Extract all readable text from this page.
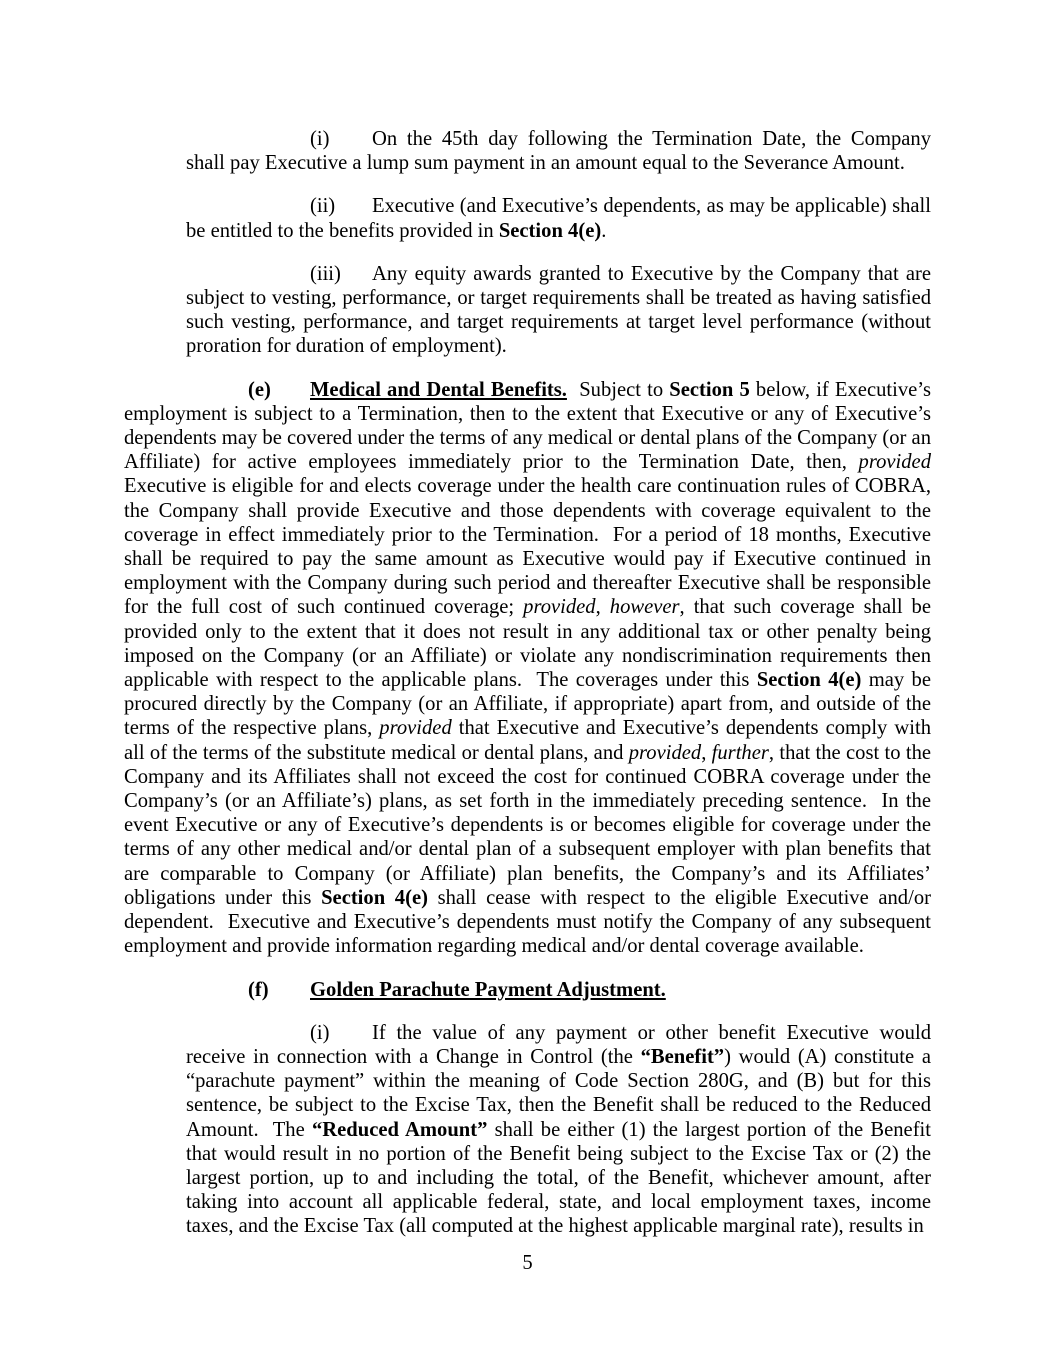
(i) On the 45th day following the Termination Date, the Company shall pay Executive a lump sum payment in an amount equal to the Severance Amount.

(ii) Executive (and Executive’s dependents, as may be applicable) shall be entitled to the benefits provided in Section 4(e).

(iii) Any equity awards granted to Executive by the Company that are subject to vesting, performance, or target requirements shall be treated as having satisfied such vesting, performance, and target requirements at target level performance (without proration for duration of employment).

(e) Medical and Dental Benefits.  Subject to Section 5 below, if Executive’s employment is subject to a Termination, then to the extent that Executive or any of Executive’s dependents may be covered under the terms of any medical or dental plans of the Company (or an Affiliate) for active employees immediately prior to the Termination Date, then, provided Executive is eligible for and elects coverage under the health care continuation rules of COBRA, the Company shall provide Executive and those dependents with coverage equivalent to the coverage in effect immediately prior to the Termination.  For a period of 18 months, Executive shall be required to pay the same amount as Executive would pay if Executive continued in employment with the Company during such period and thereafter Executive shall be responsible for the full cost of such continued coverage; provided, however, that such coverage shall be provided only to the extent that it does not result in any additional tax or other penalty being imposed on the Company (or an Affiliate) or violate any nondiscrimination requirements then applicable with respect to the applicable plans.  The coverages under this Section 4(e) may be procured directly by the Company (or an Affiliate, if appropriate) apart from, and outside of the terms of the respective plans, provided that Executive and Executive’s dependents comply with all of the terms of the substitute medical or dental plans, and provided, further, that the cost to the Company and its Affiliates shall not exceed the cost for continued COBRA coverage under the Company’s (or an Affiliate’s) plans, as set forth in the immediately preceding sentence.  In the event Executive or any of Executive’s dependents is or becomes eligible for coverage under the terms of any other medical and/or dental plan of a subsequent employer with plan benefits that are comparable to Company (or Affiliate) plan benefits, the Company’s and its Affiliates’ obligations under this Section 4(e) shall cease with respect to the eligible Executive and/or dependent.  Executive and Executive’s dependents must notify the Company of any subsequent employment and provide information regarding medical and/or dental coverage available.

(f) Golden Parachute Payment Adjustment.

(i) If the value of any payment or other benefit Executive would receive in connection with a Change in Control (the “Benefit”) would (A) constitute a “parachute payment” within the meaning of Code Section 280G, and (B) but for this sentence, be subject to the Excise Tax, then the Benefit shall be reduced to the Reduced Amount.  The “Reduced Amount” shall be either (1) the largest portion of the Benefit that would result in no portion of the Benefit being subject to the Excise Tax or (2) the largest portion, up to and including the total, of the Benefit, whichever amount, after taking into account all applicable federal, state, and local employment taxes, income taxes, and the Excise Tax (all computed at the highest applicable marginal rate), results in

5
